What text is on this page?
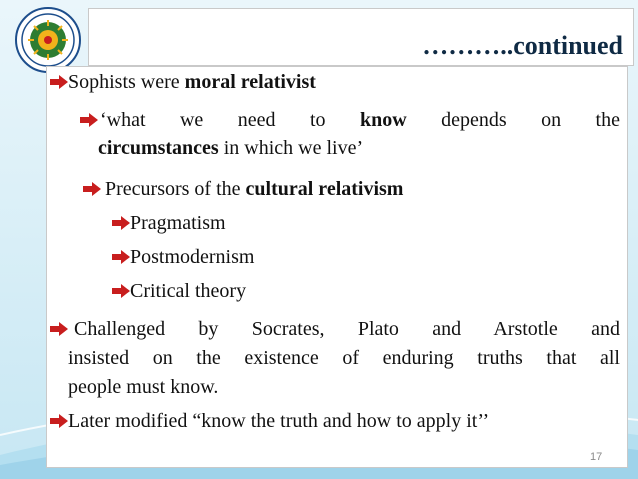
………..continued
Sophists were moral relativist
‘what we need to know depends on the
circumstances in which we live’
Precursors of the cultural relativism
Pragmatism
Postmodernism
Critical theory
Challenged by Socrates, Plato and Arstotle and
insisted on the existence of enduring truths that all
people must know.
Later modified “know the truth and how to apply it’’
17
